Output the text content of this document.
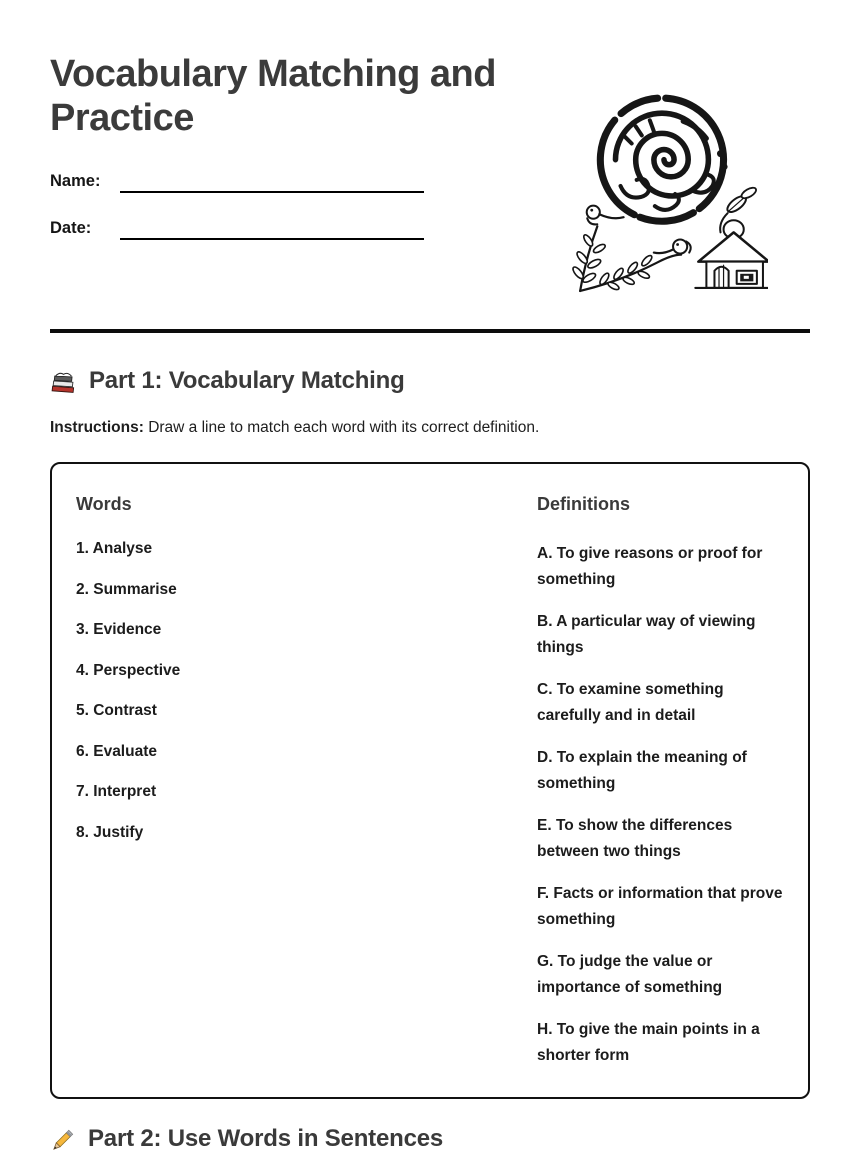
Vocabulary Matching and Practice
Name:
Date:
Part 1: Vocabulary Matching

Instructions: Draw a line to match each word with its correct definition.

Words

1. Analyse

2. Summarise

3. Evidence

4. Perspective

5. Contrast

6. Evaluate

7. Interpret

8. Justify

Definitions

A. To give reasons or proof for something

B. A particular way of viewing things

C. To examine something carefully and in detail

D. To explain the meaning of something

E. To show the differences between two things

F. Facts or information that prove something

G. To judge the value or importance of something

H. To give the main points in a shorter form

Part 2: Use Words in Sentences
